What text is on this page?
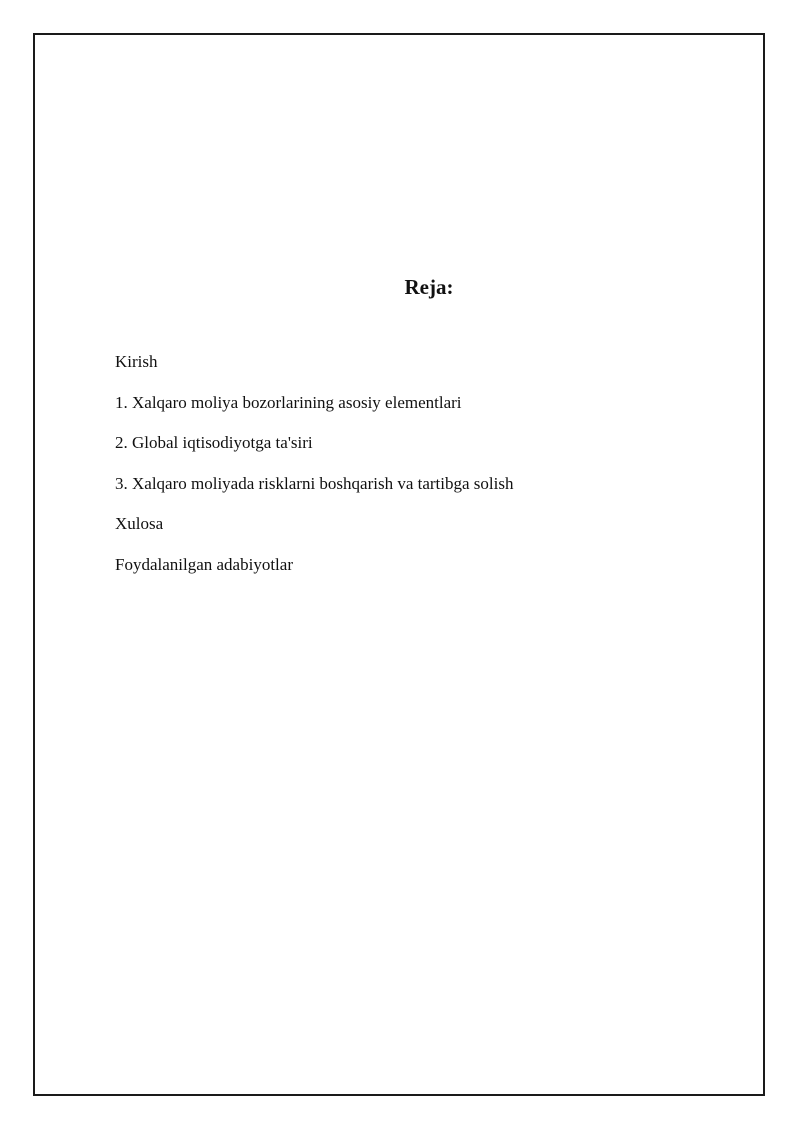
Reja:
Kirish
1. Xalqaro moliya bozorlarining asosiy elementlari
2. Global iqtisodiyotga ta'siri
3. Xalqaro moliyada risklarni boshqarish va tartibga solish
Xulosa
Foydalanilgan adabiyotlar
